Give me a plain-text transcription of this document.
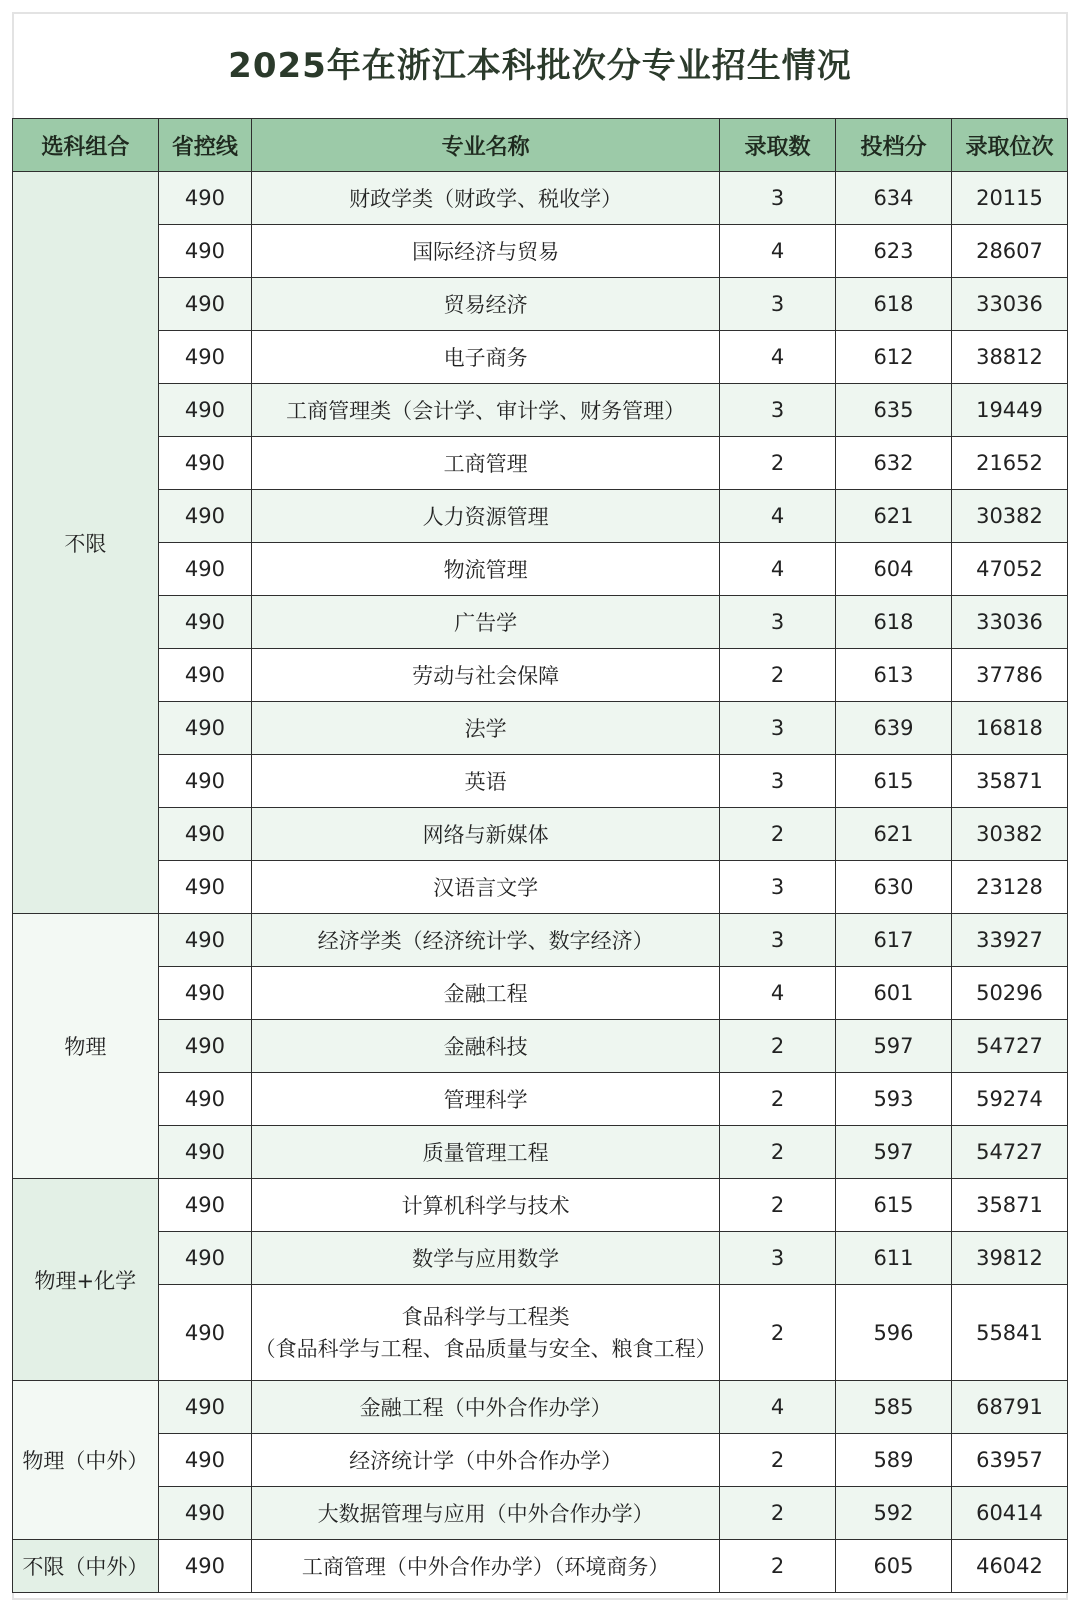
2025年在浙江本科批次分专业招生情况
选科组合	省控线	专业名称	录取数	投档分	录取位次
不限	490	财政学类（财政学、税收学）	3	634	20115
	490	国际经济与贸易	4	623	28607
	490	贸易经济	3	618	33036
	490	电子商务	4	612	38812
	490	工商管理类（会计学、审计学、财务管理）	3	635	19449
	490	工商管理	2	632	21652
	490	人力资源管理	4	621	30382
	490	物流管理	4	604	47052
	490	广告学	3	618	33036
	490	劳动与社会保障	2	613	37786
	490	法学	3	639	16818
	490	英语	3	615	35871
	490	网络与新媒体	2	621	30382
	490	汉语言文学	3	630	23128
物理	490	经济学类（经济统计学、数字经济）	3	617	33927
	490	金融工程	4	601	50296
	490	金融科技	2	597	54727
	490	管理科学	2	593	59274
	490	质量管理工程	2	597	54727
物理+化学	490	计算机科学与技术	2	615	35871
	490	数学与应用数学	3	611	39812
	490	食品科学与工程类
（食品科学与工程、食品质量与安全、粮食工程）	2	596	55841
物理（中外）	490	金融工程（中外合作办学）	4	585	68791
	490	经济统计学（中外合作办学）	2	589	63957
	490	大数据管理与应用（中外合作办学）	2	592	60414
不限（中外）	490	工商管理（中外合作办学）（环境商务）	2	605	46042
